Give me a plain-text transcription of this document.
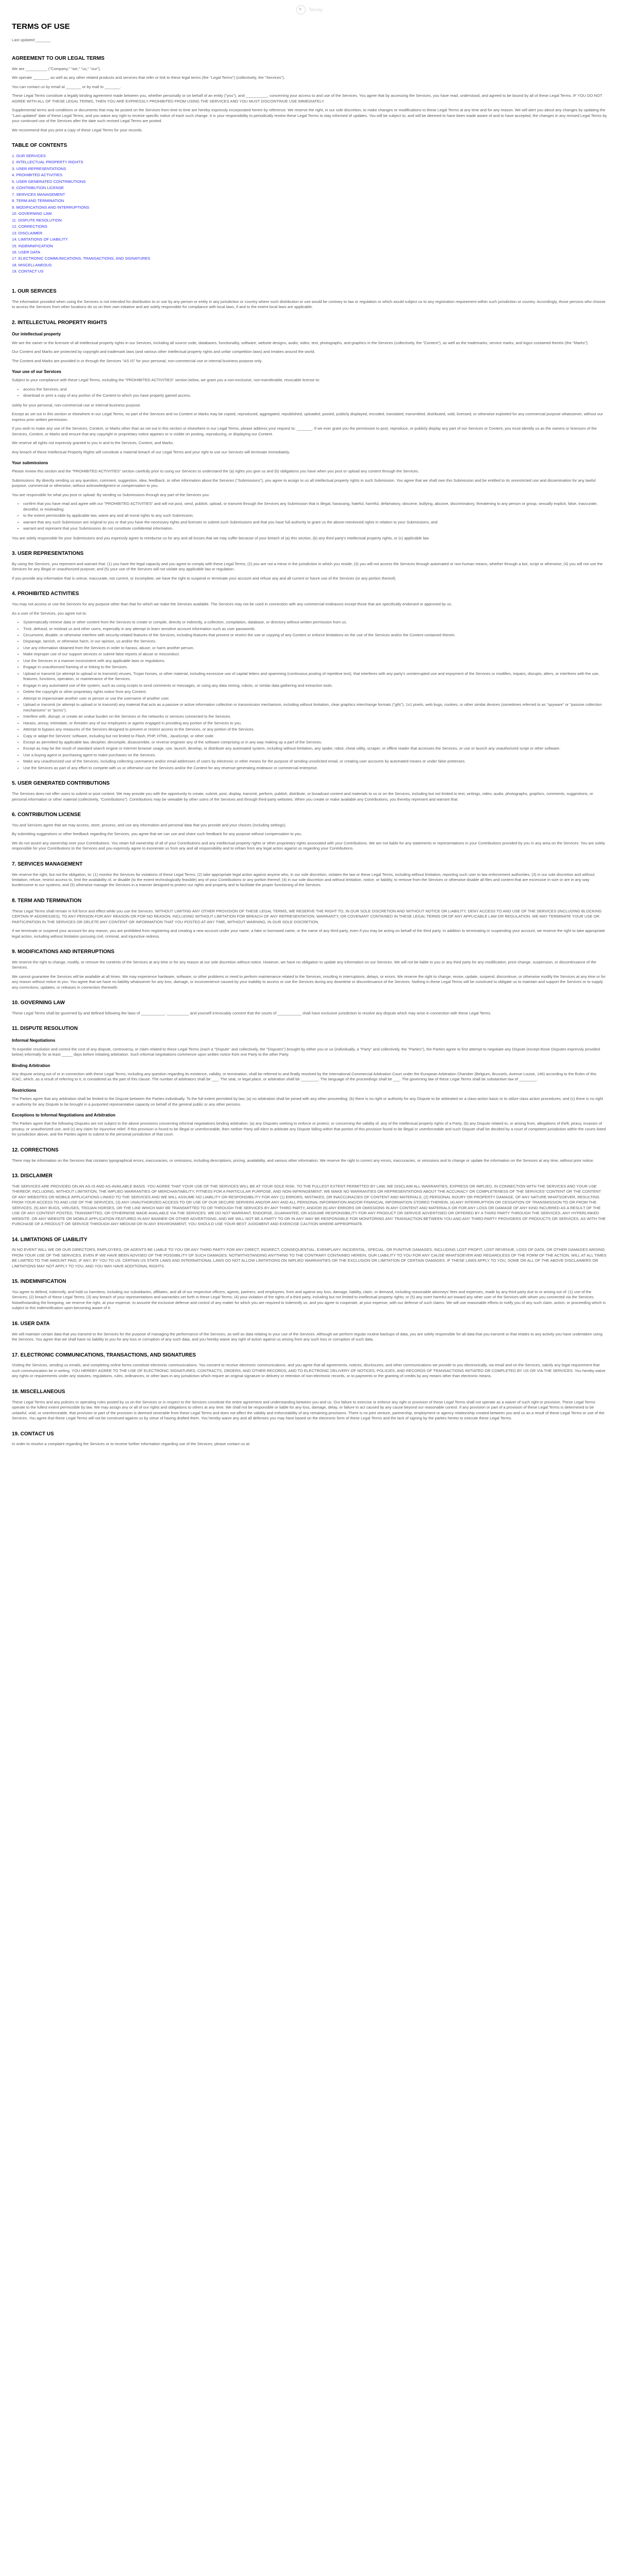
Termly
TERMS OF USE
Last updated _______
AGREEMENT TO OUR LEGAL TERMS

We are __________ ("Company," "we," "us," "our").

We operate _______, as well as any other related products and services that refer or link to these legal terms (the "Legal Terms") (collectively, the "Services").

You can contact us by email at _______ or by mail to _______.

These Legal Terms constitute a legally binding agreement made between you, whether personally or on behalf of an entity ("you"), and __________, concerning your access to and use of the Services. You agree that by accessing the Services, you have read, understood, and agreed to be bound by all of these Legal Terms. IF YOU DO NOT AGREE WITH ALL OF THESE LEGAL TERMS, THEN YOU ARE EXPRESSLY PROHIBITED FROM USING THE SERVICES AND YOU MUST DISCONTINUE USE IMMEDIATELY.

Supplemental terms and conditions or documents that may be posted on the Services from time to time are hereby expressly incorporated herein by reference. We reserve the right, in our sole discretion, to make changes or modifications to these Legal Terms at any time and for any reason. We will alert you about any changes by updating the "Last updated" date of these Legal Terms, and you waive any right to receive specific notice of each such change. It is your responsibility to periodically review these Legal Terms to stay informed of updates. You will be subject to, and will be deemed to have been made aware of and to have accepted, the changes in any revised Legal Terms by your continued use of the Services after the date such revised Legal Terms are posted.

We recommend that you print a copy of these Legal Terms for your records.

TABLE OF CONTENTS
1. OUR SERVICES
2. INTELLECTUAL PROPERTY RIGHTS
3. USER REPRESENTATIONS
4. PROHIBITED ACTIVITIES
5. USER GENERATED CONTRIBUTIONS
6. CONTRIBUTION LICENSE
7. SERVICES MANAGEMENT
8. TERM AND TERMINATION
9. MODIFICATIONS AND INTERRUPTIONS
10. GOVERNING LAW
11. DISPUTE RESOLUTION
12. CORRECTIONS
13. DISCLAIMER
14. LIMITATIONS OF LIABILITY
15. INDEMNIFICATION
16. USER DATA
17. ELECTRONIC COMMUNICATIONS, TRANSACTIONS, AND SIGNATURES
18. MISCELLANEOUS
19. CONTACT US
1. OUR SERVICES

The information provided when using the Services is not intended for distribution to or use by any person or entity in any jurisdiction or country where such distribution or use would be contrary to law or regulation or which would subject us to any registration requirement within such jurisdiction or country. Accordingly, those persons who choose to access the Services from other locations do so on their own initiative and are solely responsible for compliance with local laws, if and to the extent local laws are applicable.

2. INTELLECTUAL PROPERTY RIGHTS
Our intellectual property

We are the owner or the licensee of all intellectual property rights in our Services, including all source code, databases, functionality, software, website designs, audio, video, text, photographs, and graphics in the Services (collectively, the "Content"), as well as the trademarks, service marks, and logos contained therein (the "Marks").

Our Content and Marks are protected by copyright and trademark laws (and various other intellectual property rights and unfair competition laws) and treaties around the world.

The Content and Marks are provided in or through the Services "AS IS" for your personal, non-commercial use or internal business purpose only.

Your use of our Services

Subject to your compliance with these Legal Terms, including the "PROHIBITED ACTIVITIES" section below, we grant you a non-exclusive, non-transferable, revocable license to:

• access the Services; and
• download or print a copy of any portion of the Content to which you have properly gained access.

solely for your personal, non-commercial use or internal business purpose.

Except as set out in this section or elsewhere in our Legal Terms, no part of the Services and no Content or Marks may be copied, reproduced, aggregated, republished, uploaded, posted, publicly displayed, encoded, translated, transmitted, distributed, sold, licensed, or otherwise exploited for any commercial purpose whatsoever, without our express prior written permission.

If you wish to make any use of the Services, Content, or Marks other than as set out in this section or elsewhere in our Legal Terms, please address your request to: _______. If we ever grant you the permission to post, reproduce, or publicly display any part of our Services or Content, you must identify us as the owners or licensors of the Services, Content, or Marks and ensure that any copyright or proprietary notice appears or is visible on posting, reproducing, or displaying our Content.

We reserve all rights not expressly granted to you in and to the Services, Content, and Marks.

Any breach of these Intellectual Property Rights will constitute a material breach of our Legal Terms and your right to use our Services will terminate immediately.

Your submissions

Please review this section and the "PROHIBITED ACTIVITIES" section carefully prior to using our Services to understand the (a) rights you give us and (b) obligations you have when you post or upload any content through the Services.

Submissions: By directly sending us any question, comment, suggestion, idea, feedback, or other information about the Services ("Submissions"), you agree to assign to us all intellectual property rights in such Submission. You agree that we shall own this Submission and be entitled to its unrestricted use and dissemination for any lawful purpose, commercial or otherwise, without acknowledgment or compensation to you.

You are responsible for what you post or upload: By sending us Submissions through any part of the Services you:

• confirm that you have read and agree with our "PROHIBITED ACTIVITIES" and will not post, send, publish, upload, or transmit through the Services any Submission that is illegal, harassing, hateful, harmful, defamatory, obscene, bullying, abusive, discriminatory, threatening to any person or group, sexually explicit, false, inaccurate, deceitful, or misleading;
• to the extent permissible by applicable law, waive any and all moral rights to any such Submission;
• warrant that any such Submission are original to you or that you have the necessary rights and licenses to submit such Submissions and that you have full authority to grant us the above-mentioned rights in relation to your Submissions; and
• warrant and represent that your Submissions do not constitute confidential information.

You are solely responsible for your Submissions and you expressly agree to reimburse us for any and all losses that we may suffer because of your breach of (a) this section, (b) any third party's intellectual property rights, or (c) applicable law.

3. USER REPRESENTATIONS

By using the Services, you represent and warrant that: (1) you have the legal capacity and you agree to comply with these Legal Terms; (2) you are not a minor in the jurisdiction in which you reside; (3) you will not access the Services through automated or non-human means, whether through a bot, script or otherwise; (4) you will not use the Services for any illegal or unauthorized purpose; and (5) your use of the Services will not violate any applicable law or regulation.

If you provide any information that is untrue, inaccurate, not current, or incomplete, we have the right to suspend or terminate your account and refuse any and all current or future use of the Services (or any portion thereof).

4. PROHIBITED ACTIVITIES

You may not access or use the Services for any purpose other than that for which we make the Services available. The Services may not be used in connection with any commercial endeavors except those that are specifically endorsed or approved by us.

As a user of the Services, you agree not to:

• Systematically retrieve data or other content from the Services to create or compile, directly or indirectly, a collection, compilation, database, or directory without written permission from us.
• Trick, defraud, or mislead us and other users, especially in any attempt to learn sensitive account information such as user passwords.
• Circumvent, disable, or otherwise interfere with security-related features of the Services, including features that prevent or restrict the use or copying of any Content or enforce limitations on the use of the Services and/or the Content contained therein.
• Disparage, tarnish, or otherwise harm, in our opinion, us and/or the Services.
• Use any information obtained from the Services in order to harass, abuse, or harm another person.
• Make improper use of our support services or submit false reports of abuse or misconduct.
• Use the Services in a manner inconsistent with any applicable laws or regulations.
• Engage in unauthorized framing of or linking to the Services.
• Upload or transmit (or attempt to upload or to transmit) viruses, Trojan horses, or other material, including excessive use of capital letters and spamming (continuous posting of repetitive text), that interferes with any party's uninterrupted use and enjoyment of the Services or modifies, impairs, disrupts, alters, or interferes with the use, features, functions, operation, or maintenance of the Services.
• Engage in any automated use of the system, such as using scripts to send comments or messages, or using any data mining, robots, or similar data gathering and extraction tools.
• Delete the copyright or other proprietary rights notice from any Content.
• Attempt to impersonate another user or person or use the username of another user.
• Upload or transmit (or attempt to upload or to transmit) any material that acts as a passive or active information collection or transmission mechanism, including without limitation, clear graphics interchange formats ("gifs"), 1x1 pixels, web bugs, cookies, or other similar devices (sometimes referred to as "spyware" or "passive collection mechanisms" or "pcms").
• Interfere with, disrupt, or create an undue burden on the Services or the networks or services connected to the Services.
• Harass, annoy, intimidate, or threaten any of our employees or agents engaged in providing any portion of the Services to you.
• Attempt to bypass any measures of the Services designed to prevent or restrict access to the Services, or any portion of the Services.
• Copy or adapt the Services' software, including but not limited to Flash, PHP, HTML, JavaScript, or other code.
• Except as permitted by applicable law, decipher, decompile, disassemble, or reverse engineer any of the software comprising or in any way making up a part of the Services.
• Except as may be the result of standard search engine or Internet browser usage, use, launch, develop, or distribute any automated system, including without limitation, any spider, robot, cheat utility, scraper, or offline reader that accesses the Services, or use or launch any unauthorized script or other software.
• Use a buying agent or purchasing agent to make purchases on the Services.
• Make any unauthorized use of the Services, including collecting usernames and/or email addresses of users by electronic or other means for the purpose of sending unsolicited email, or creating user accounts by automated means or under false pretenses.
• Use the Services as part of any effort to compete with us or otherwise use the Services and/or the Content for any revenue-generating endeavor or commercial enterprise.
5. USER GENERATED CONTRIBUTIONS

The Services does not offer users to submit or post content. We may provide you with the opportunity to create, submit, post, display, transmit, perform, publish, distribute, or broadcast content and materials to us or on the Services, including but not limited to text, writings, video, audio, photographs, graphics, comments, suggestions, or personal information or other material (collectively, "Contributions"). Contributions may be viewable by other users of the Services and through third-party websites. When you create or make available any Contributions, you thereby represent and warrant that:

6. CONTRIBUTION LICENSE

You and Services agree that we may access, store, process, and use any information and personal data that you provide and your choices (including settings).

By submitting suggestions or other feedback regarding the Services, you agree that we can use and share such feedback for any purpose without compensation to you.

We do not assert any ownership over your Contributions. You retain full ownership of all of your Contributions and any intellectual property rights or other proprietary rights associated with your Contributions. We are not liable for any statements or representations in your Contributions provided by you in any area on the Services. You are solely responsible for your Contributions to the Services and you expressly agree to exonerate us from any and all responsibility and to refrain from any legal action against us regarding your Contributions.

7. SERVICES MANAGEMENT

We reserve the right, but not the obligation, to: (1) monitor the Services for violations of these Legal Terms; (2) take appropriate legal action against anyone who, in our sole discretion, violates the law or these Legal Terms, including without limitation, reporting such user to law enforcement authorities; (3) in our sole discretion and without limitation, refuse, restrict access to, limit the availability of, or disable (to the extent technologically feasible) any of your Contributions or any portion thereof; (4) in our sole discretion and without limitation, notice, or liability, to remove from the Services or otherwise disable all files and content that are excessive in size or are in any way burdensome to our systems; and (5) otherwise manage the Services in a manner designed to protect our rights and property and to facilitate the proper functioning of the Services.

8. TERM AND TERMINATION

These Legal Terms shall remain in full force and effect while you use the Services. WITHOUT LIMITING ANY OTHER PROVISION OF THESE LEGAL TERMS, WE RESERVE THE RIGHT TO, IN OUR SOLE DISCRETION AND WITHOUT NOTICE OR LIABILITY, DENY ACCESS TO AND USE OF THE SERVICES (INCLUDING BLOCKING CERTAIN IP ADDRESSES), TO ANY PERSON FOR ANY REASON OR FOR NO REASON, INCLUDING WITHOUT LIMITATION FOR BREACH OF ANY REPRESENTATION, WARRANTY, OR COVENANT CONTAINED IN THESE LEGAL TERMS OR OF ANY APPLICABLE LAW OR REGULATION. WE MAY TERMINATE YOUR USE OR PARTICIPATION IN THE SERVICES OR DELETE ANY CONTENT OR INFORMATION THAT YOU POSTED AT ANY TIME, WITHOUT WARNING, IN OUR SOLE DISCRETION.

If we terminate or suspend your account for any reason, you are prohibited from registering and creating a new account under your name, a fake or borrowed name, or the name of any third party, even if you may be acting on behalf of the third party. In addition to terminating or suspending your account, we reserve the right to take appropriate legal action, including without limitation pursuing civil, criminal, and injunctive redress.

9. MODIFICATIONS AND INTERRUPTIONS

We reserve the right to change, modify, or remove the contents of the Services at any time or for any reason at our sole discretion without notice. However, we have no obligation to update any information on our Services. We will not be liable to you or any third party for any modification, price change, suspension, or discontinuance of the Services.

We cannot guarantee the Services will be available at all times. We may experience hardware, software, or other problems or need to perform maintenance related to the Services, resulting in interruptions, delays, or errors. We reserve the right to change, revise, update, suspend, discontinue, or otherwise modify the Services at any time or for any reason without notice to you. You agree that we have no liability whatsoever for any loss, damage, or inconvenience caused by your inability to access or use the Services during any downtime or discontinuance of the Services. Nothing in these Legal Terms will be construed to obligate us to maintain and support the Services or to supply any corrections, updates, or releases in connection therewith.

10. GOVERNING LAW

These Legal Terms shall be governed by and defined following the laws of ___________. __________ and yourself irrevocably consent that the courts of ___________ shall have exclusive jurisdiction to resolve any dispute which may arise in connection with these Legal Terms.

11. DISPUTE RESOLUTION
Informal Negotiations

To expedite resolution and control the cost of any dispute, controversy, or claim related to these Legal Terms (each a "Dispute" and collectively, the "Disputes") brought by either you or us (individually, a "Party" and collectively, the "Parties"), the Parties agree to first attempt to negotiate any Dispute (except those Disputes expressly provided below) informally for at least _____ days before initiating arbitration. Such informal negotiations commence upon written notice from one Party to the other Party.

Binding Arbitration

Any dispute arising out of or in connection with these Legal Terms, including any question regarding its existence, validity, or termination, shall be referred to and finally resolved by the International Commercial Arbitration Court under the European Arbitration Chamber (Belgium, Brussels, Avenue Louise, 146) according to the Rules of this ICAC, which, as a result of referring to it, is considered as the part of this clause. The number of arbitrators shall be ___. The seat, or legal place, or arbitration shall be ________. The language of the proceedings shall be ___. The governing law of these Legal Terms shall be substantive law of ________.

Restrictions

The Parties agree that any arbitration shall be limited to the Dispute between the Parties individually. To the full extent permitted by law, (a) no arbitration shall be joined with any other proceeding; (b) there is no right or authority for any Dispute to be arbitrated on a class-action basis or to utilize class action procedures; and (c) there is no right or authority for any Dispute to be brought in a purported representative capacity on behalf of the general public or any other persons.

Exceptions to Informal Negotiations and Arbitration

The Parties agree that the following Disputes are not subject to the above provisions concerning informal negotiations binding arbitration: (a) any Disputes seeking to enforce or protect, or concerning the validity of, any of the intellectual property rights of a Party; (b) any Dispute related to, or arising from, allegations of theft, piracy, invasion of privacy, or unauthorized use; and (c) any claim for injunctive relief. If this provision is found to be illegal or unenforceable, then neither Party will elect to arbitrate any Dispute falling within that portion of this provision found to be illegal or unenforceable and such Dispute shall be decided by a court of competent jurisdiction within the courts listed for jurisdiction above, and the Parties agree to submit to the personal jurisdiction of that court.

12. CORRECTIONS

There may be information on the Services that contains typographical errors, inaccuracies, or omissions, including descriptions, pricing, availability, and various other information. We reserve the right to correct any errors, inaccuracies, or omissions and to change or update the information on the Services at any time, without prior notice.

13. DISCLAIMER

THE SERVICES ARE PROVIDED ON AN AS-IS AND AS-AVAILABLE BASIS. YOU AGREE THAT YOUR USE OF THE SERVICES WILL BE AT YOUR SOLE RISK. TO THE FULLEST EXTENT PERMITTED BY LAW, WE DISCLAIM ALL WARRANTIES, EXPRESS OR IMPLIED, IN CONNECTION WITH THE SERVICES AND YOUR USE THEREOF, INCLUDING, WITHOUT LIMITATION, THE IMPLIED WARRANTIES OF MERCHANTABILITY, FITNESS FOR A PARTICULAR PURPOSE, AND NON-INFRINGEMENT. WE MAKE NO WARRANTIES OR REPRESENTATIONS ABOUT THE ACCURACY OR COMPLETENESS OF THE SERVICES' CONTENT OR THE CONTENT OF ANY WEBSITES OR MOBILE APPLICATIONS LINKED TO THE SERVICES AND WE WILL ASSUME NO LIABILITY OR RESPONSIBILITY FOR ANY (1) ERRORS, MISTAKES, OR INACCURACIES OF CONTENT AND MATERIALS, (2) PERSONAL INJURY OR PROPERTY DAMAGE, OF ANY NATURE WHATSOEVER, RESULTING FROM YOUR ACCESS TO AND USE OF THE SERVICES, (3) ANY UNAUTHORIZED ACCESS TO OR USE OF OUR SECURE SERVERS AND/OR ANY AND ALL PERSONAL INFORMATION AND/OR FINANCIAL INFORMATION STORED THEREIN, (4) ANY INTERRUPTION OR CESSATION OF TRANSMISSION TO OR FROM THE SERVICES, (5) ANY BUGS, VIRUSES, TROJAN HORSES, OR THE LIKE WHICH MAY BE TRANSMITTED TO OR THROUGH THE SERVICES BY ANY THIRD PARTY, AND/OR (6) ANY ERRORS OR OMISSIONS IN ANY CONTENT AND MATERIALS OR FOR ANY LOSS OR DAMAGE OF ANY KIND INCURRED AS A RESULT OF THE USE OF ANY CONTENT POSTED, TRANSMITTED, OR OTHERWISE MADE AVAILABLE VIA THE SERVICES. WE DO NOT WARRANT, ENDORSE, GUARANTEE, OR ASSUME RESPONSIBILITY FOR ANY PRODUCT OR SERVICE ADVERTISED OR OFFERED BY A THIRD PARTY THROUGH THE SERVICES, ANY HYPERLINKED WEBSITE, OR ANY WEBSITE OR MOBILE APPLICATION FEATURED IN ANY BANNER OR OTHER ADVERTISING, AND WE WILL NOT BE A PARTY TO OR IN ANY WAY BE RESPONSIBLE FOR MONITORING ANY TRANSACTION BETWEEN YOU AND ANY THIRD-PARTY PROVIDERS OF PRODUCTS OR SERVICES. AS WITH THE PURCHASE OF A PRODUCT OR SERVICE THROUGH ANY MEDIUM OR IN ANY ENVIRONMENT, YOU SHOULD USE YOUR BEST JUDGMENT AND EXERCISE CAUTION WHERE APPROPRIATE.

14. LIMITATIONS OF LIABILITY

IN NO EVENT WILL WE OR OUR DIRECTORS, EMPLOYEES, OR AGENTS BE LIABLE TO YOU OR ANY THIRD PARTY FOR ANY DIRECT, INDIRECT, CONSEQUENTIAL, EXEMPLARY, INCIDENTAL, SPECIAL, OR PUNITIVE DAMAGES, INCLUDING LOST PROFIT, LOST REVENUE, LOSS OF DATA, OR OTHER DAMAGES ARISING FROM YOUR USE OF THE SERVICES, EVEN IF WE HAVE BEEN ADVISED OF THE POSSIBILITY OF SUCH DAMAGES. NOTWITHSTANDING ANYTHING TO THE CONTRARY CONTAINED HEREIN, OUR LIABILITY TO YOU FOR ANY CAUSE WHATSOEVER AND REGARDLESS OF THE FORM OF THE ACTION, WILL AT ALL TIMES BE LIMITED TO THE AMOUNT PAID, IF ANY, BY YOU TO US. CERTAIN US STATE LAWS AND INTERNATIONAL LAWS DO NOT ALLOW LIMITATIONS ON IMPLIED WARRANTIES OR THE EXCLUSION OR LIMITATION OF CERTAIN DAMAGES. IF THESE LAWS APPLY TO YOU, SOME OR ALL OF THE ABOVE DISCLAIMERS OR LIMITATIONS MAY NOT APPLY TO YOU, AND YOU MAY HAVE ADDITIONAL RIGHTS.

15. INDEMNIFICATION

You agree to defend, indemnify, and hold us harmless, including our subsidiaries, affiliates, and all of our respective officers, agents, partners, and employees, from and against any loss, damage, liability, claim, or demand, including reasonable attorneys' fees and expenses, made by any third party due to or arising out of: (1) use of the Services; (2) breach of these Legal Terms; (3) any breach of your representations and warranties set forth in these Legal Terms; (4) your violation of the rights of a third party, including but not limited to intellectual property rights; or (5) any overt harmful act toward any other user of the Services with whom you connected via the Services. Notwithstanding the foregoing, we reserve the right, at your expense, to assume the exclusive defense and control of any matter for which you are required to indemnify us, and you agree to cooperate, at your expense, with our defense of such claims. We will use reasonable efforts to notify you of any such claim, action, or proceeding which is subject to this indemnification upon becoming aware of it.

16. USER DATA

We will maintain certain data that you transmit to the Services for the purpose of managing the performance of the Services, as well as data relating to your use of the Services. Although we perform regular routine backups of data, you are solely responsible for all data that you transmit or that relates to any activity you have undertaken using the Services. You agree that we shall have no liability to you for any loss or corruption of any such data, and you hereby waive any right of action against us arising from any such loss or corruption of such data.

17. ELECTRONIC COMMUNICATIONS, TRANSACTIONS, AND SIGNATURES

Visiting the Services, sending us emails, and completing online forms constitute electronic communications. You consent to receive electronic communications, and you agree that all agreements, notices, disclosures, and other communications we provide to you electronically, via email and on the Services, satisfy any legal requirement that such communication be in writing. YOU HEREBY AGREE TO THE USE OF ELECTRONIC SIGNATURES, CONTRACTS, ORDERS, AND OTHER RECORDS, AND TO ELECTRONIC DELIVERY OF NOTICES, POLICIES, AND RECORDS OF TRANSACTIONS INITIATED OR COMPLETED BY US OR VIA THE SERVICES. You hereby waive any rights or requirements under any statutes, regulations, rules, ordinances, or other laws in any jurisdiction which require an original signature or delivery or retention of non-electronic records, or to payments or the granting of credits by any means other than electronic means.

18. MISCELLANEOUS

These Legal Terms and any policies or operating rules posted by us on the Services or in respect to the Services constitute the entire agreement and understanding between you and us. Our failure to exercise or enforce any right or provision of these Legal Terms shall not operate as a waiver of such right or provision. These Legal Terms operate to the fullest extent permissible by law. We may assign any or all of our rights and obligations to others at any time. We shall not be responsible or liable for any loss, damage, delay, or failure to act caused by any cause beyond our reasonable control. If any provision or part of a provision of these Legal Terms is determined to be unlawful, void, or unenforceable, that provision or part of the provision is deemed severable from these Legal Terms and does not affect the validity and enforceability of any remaining provisions. There is no joint venture, partnership, employment or agency relationship created between you and us as a result of these Legal Terms or use of the Services. You agree that these Legal Terms will not be construed against us by virtue of having drafted them. You hereby waive any and all defenses you may have based on the electronic form of these Legal Terms and the lack of signing by the parties hereto to execute these Legal Terms.

19. CONTACT US

In order to resolve a complaint regarding the Services or to receive further information regarding use of the Services, please contact us at:
